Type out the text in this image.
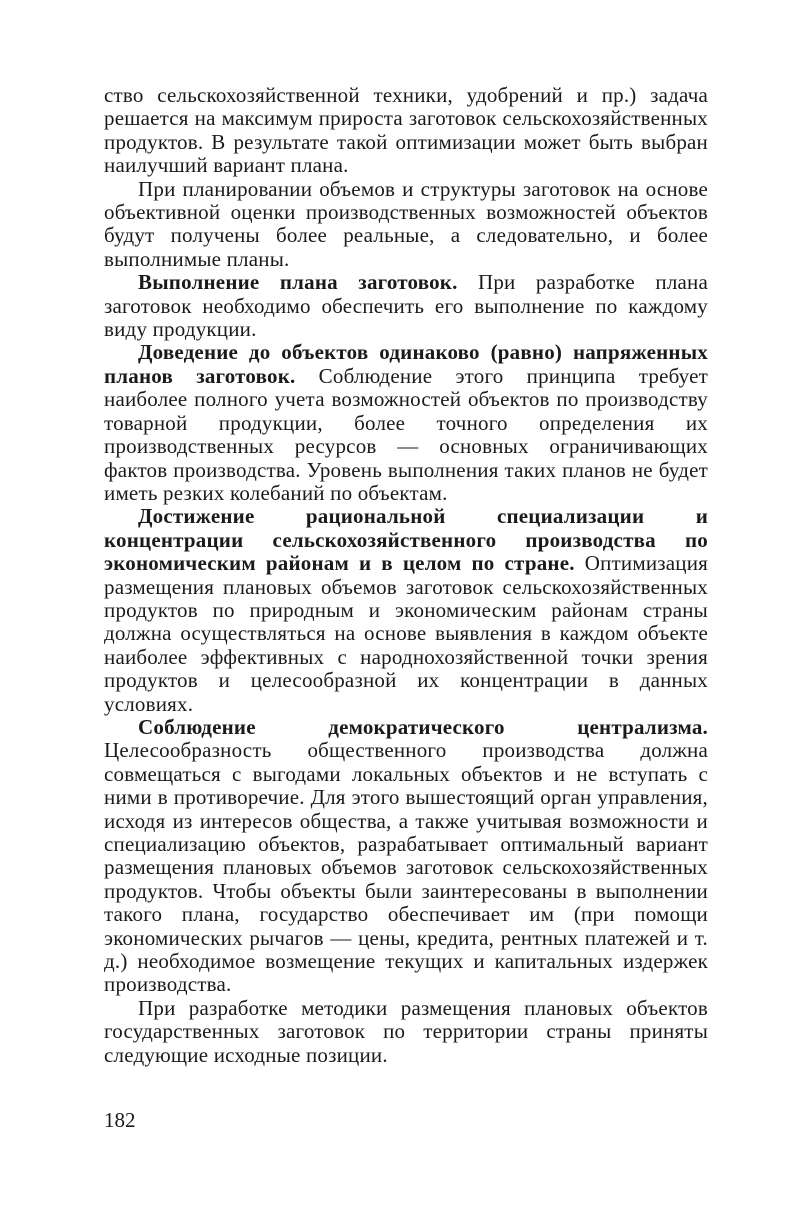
ство сельскохозяйственной техники, удобрений и пр.) задача решается на максимум прироста заготовок сельскохозяйственных продуктов. В результате такой оптимизации может быть выбран наилучший вариант плана.

При планировании объемов и структуры заготовок на основе объективной оценки производственных возможностей объектов будут получены более реальные, а следовательно, и более выполнимые планы.

Выполнение плана заготовок. При разработке плана заготовок необходимо обеспечить его выполнение по каждому виду продукции.

Доведение до объектов одинаково (равно) напряженных планов заготовок. Соблюдение этого принципа требует наиболее полного учета возможностей объектов по производству товарной продукции, более точного определения их производственных ресурсов — основных ограничивающих фактов производства. Уровень выполнения таких планов не будет иметь резких колебаний по объектам.

Достижение рациональной специализации и концентрации сельскохозяйственного производства по экономическим районам и в целом по стране. Оптимизация размещения плановых объемов заготовок сельскохозяйственных продуктов по природным и экономическим районам страны должна осуществляться на основе выявления в каждом объекте наиболее эффективных с народнохозяйственной точки зрения продуктов и целесообразной их концентрации в данных условиях.

Соблюдение демократического централизма. Целесообразность общественного производства должна совмещаться с выгодами локальных объектов и не вступать с ними в противоречие. Для этого вышестоящий орган управления, исходя из интересов общества, а также учитывая возможности и специализацию объектов, разрабатывает оптимальный вариант размещения плановых объемов заготовок сельскохозяйственных продуктов. Чтобы объекты были заинтересованы в выполнении такого плана, государство обеспечивает им (при помощи экономических рычагов — цены, кредита, рентных платежей и т. д.) необходимое возмещение текущих и капитальных издержек производства.

При разработке методики размещения плановых объектов государственных заготовок по территории страны приняты следующие исходные позиции.

182
